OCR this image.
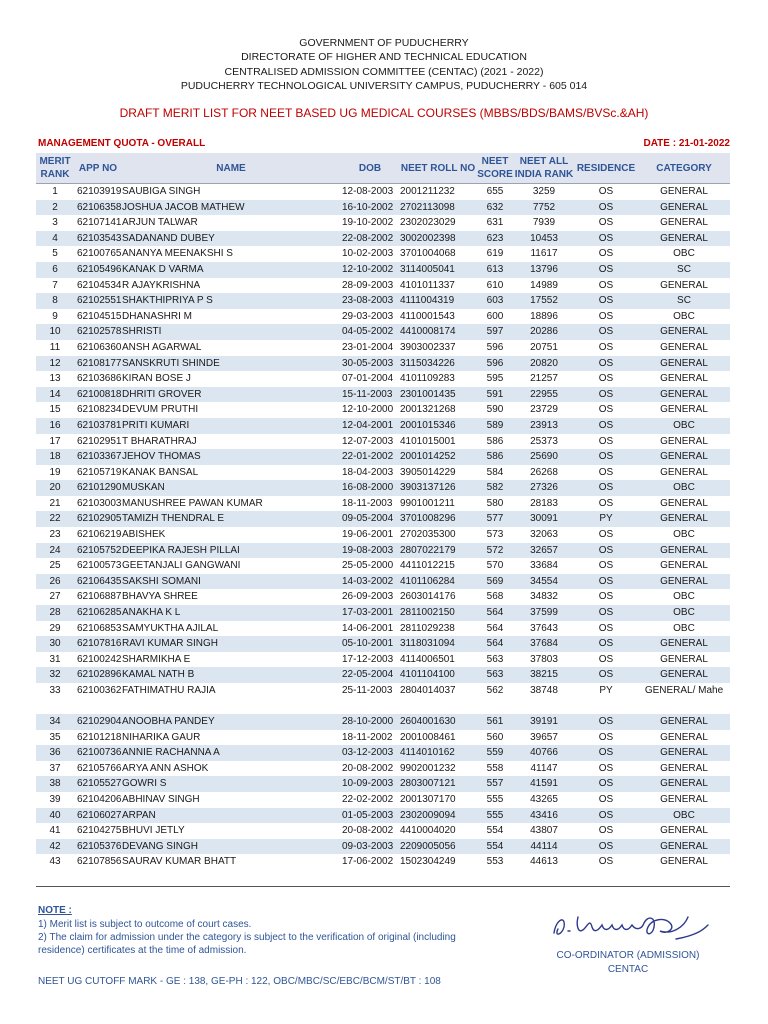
GOVERNMENT OF PUDUCHERRY
DIRECTORATE OF HIGHER AND TECHNICAL EDUCATION
CENTRALISED ADMISSION COMMITTEE (CENTAC) (2021 - 2022)
PUDUCHERRY TECHNOLOGICAL UNIVERSITY CAMPUS, PUDUCHERRY - 605 014
DRAFT MERIT LIST FOR NEET BASED UG MEDICAL COURSES (MBBS/BDS/BAMS/BVSc.&AH)
MANAGEMENT QUOTA - OVERALL	DATE : 21-01-2022
MERIT RANK	APP NO	NAME	DOB	NEET ROLL NO	NEET SCORE	NEET ALL INDIA RANK	RESIDENCE	CATEGORY
1	62103919	SAUBIGA SINGH	12-08-2003	2001211232	655	3259	OS	GENERAL
2	62106358	JOSHUA JACOB MATHEW	16-10-2002	2702113098	632	7752	OS	GENERAL
3	62107141	ARJUN TALWAR	19-10-2002	2302023029	631	7939	OS	GENERAL
4	62103543	SADANAND DUBEY	22-08-2002	3002002398	623	10453	OS	GENERAL
5	62100765	ANANYA MEENAKSHI S	10-02-2003	3701004068	619	11617	OS	OBC
6	62105496	KANAK D VARMA	12-10-2002	3114005041	613	13796	OS	SC
7	62104534	R AJAYKRISHNA	28-09-2003	4101011337	610	14989	OS	GENERAL
8	62102551	SHAKTHIPRIYA P S	23-08-2003	4111004319	603	17552	OS	SC
9	62104515	DHANASHRI M	29-03-2003	4110001543	600	18896	OS	OBC
10	62102578	SHRISTI	04-05-2002	4410008174	597	20286	OS	GENERAL
11	62106360	ANSH AGARWAL	23-01-2004	3903002337	596	20751	OS	GENERAL
12	62108177	SANSKRUTI SHINDE	30-05-2003	3115034226	596	20820	OS	GENERAL
13	62103686	KIRAN BOSE J	07-01-2004	4101109283	595	21257	OS	GENERAL
14	62100818	DHRITI GROVER	15-11-2003	2301001435	591	22955	OS	GENERAL
15	62108234	DEVUM PRUTHI	12-10-2000	2001321268	590	23729	OS	GENERAL
16	62103781	PRITI KUMARI	12-04-2001	2001015346	589	23913	OS	OBC
17	62102951	T BHARATHRAJ	12-07-2003	4101015001	586	25373	OS	GENERAL
18	62103367	JEHOV THOMAS	22-01-2002	2001014252	586	25690	OS	GENERAL
19	62105719	KANAK BANSAL	18-04-2003	3905014229	584	26268	OS	GENERAL
20	62101290	MUSKAN	16-08-2000	3903137126	582	27326	OS	OBC
21	62103003	MANUSHREE PAWAN KUMAR	18-11-2003	9901001211	580	28183	OS	GENERAL
22	62102905	TAMIZH THENDRAL E	09-05-2004	3701008296	577	30091	PY	GENERAL
23	62106219	ABISHEK	19-06-2001	2702035300	573	32063	OS	OBC
24	62105752	DEEPIKA RAJESH PILLAI	19-08-2003	2807022179	572	32657	OS	GENERAL
25	62100573	GEETANJALI GANGWANI	25-05-2000	4411012215	570	33684	OS	GENERAL
26	62106435	SAKSHI SOMANI	14-03-2002	4101106284	569	34554	OS	GENERAL
27	62106887	BHAVYA SHREE	26-09-2003	2603014176	568	34832	OS	OBC
28	62106285	ANAKHA K L	17-03-2001	2811002150	564	37599	OS	OBC
29	62106853	SAMYUKTHA AJILAL	14-06-2001	2811029238	564	37643	OS	OBC
30	62107816	RAVI KUMAR SINGH	05-10-2001	3118031094	564	37684	OS	GENERAL
31	62100242	SHARMIKHA E	17-12-2003	4114006501	563	37803	OS	GENERAL
32	62102896	KAMAL NATH B	22-05-2004	4101104100	563	38215	OS	GENERAL
33	62100362	FATHIMATHU RAJIA	25-11-2003	2804014037	562	38748	PY	GENERAL/ Mahe
34	62102904	ANOOBHA PANDEY	28-10-2000	2604001630	561	39191	OS	GENERAL
35	62101218	NIHARIKA GAUR	18-11-2002	2001008461	560	39657	OS	GENERAL
36	62100736	ANNIE RACHANNA A	03-12-2003	4114010162	559	40766	OS	GENERAL
37	62105766	ARYA ANN ASHOK	20-08-2002	9902001232	558	41147	OS	GENERAL
38	62105527	GOWRI S	10-09-2003	2803007121	557	41591	OS	GENERAL
39	62104206	ABHINAV SINGH	22-02-2002	2001307170	555	43265	OS	GENERAL
40	62106027	ARPAN	01-05-2003	2302009094	555	43416	OS	OBC
41	62104275	BHUVI JETLY	20-08-2002	4410004020	554	43807	OS	GENERAL
42	62105376	DEVANG SINGH	09-03-2003	2209005056	554	44114	OS	GENERAL
43	62107856	SAURAV KUMAR BHATT	17-06-2002	1502304249	553	44613	OS	GENERAL
NOTE :
1) Merit list is subject to outcome of court cases.
2) The claim for admission under the category is subject to the verification of original (including residence) certificates at the time of admission.
NEET UG CUTOFF MARK - GE : 138, GE-PH : 122, OBC/MBC/SC/EBC/BCM/ST/BT : 108
CO-ORDINATOR (ADMISSION)
CENTAC
